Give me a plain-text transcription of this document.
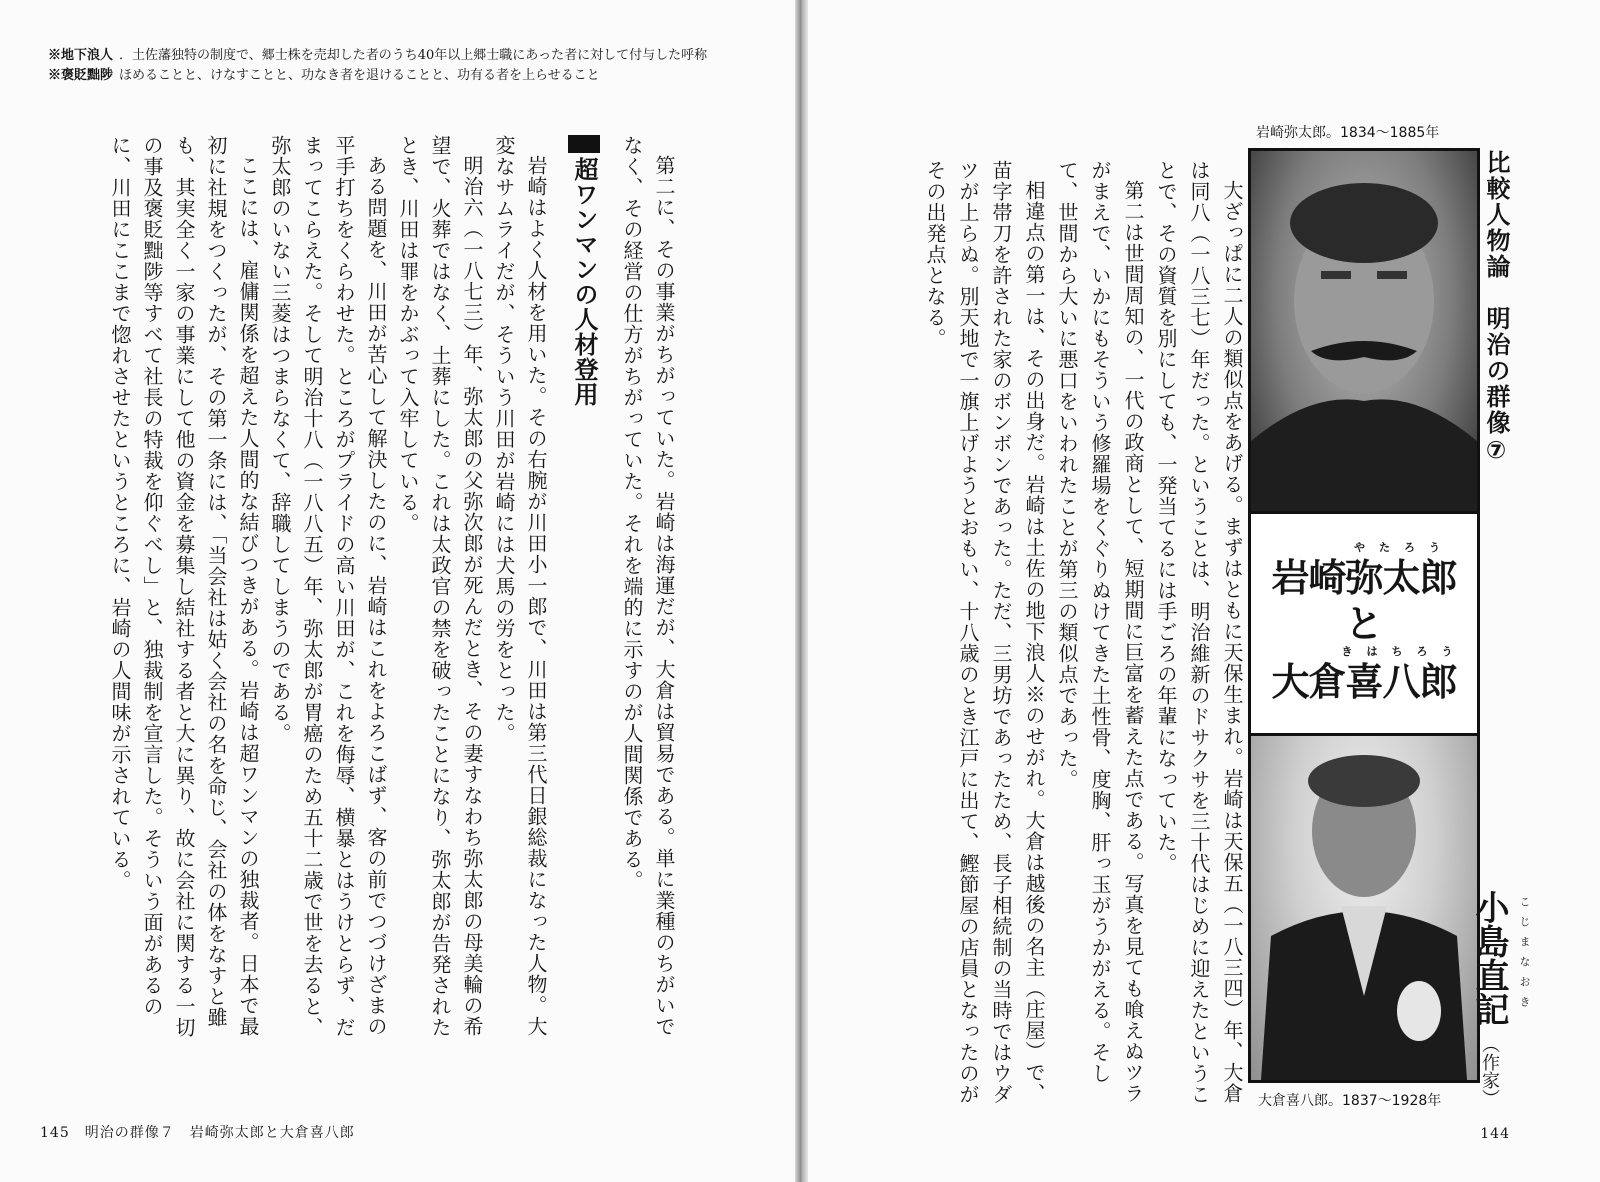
※地下浪人 ．土佐藩独特の制度で、郷士株を売却した者のうち40年以上郷士職にあった者に対して付与した呼称

※褒貶黜陟 ほめることと、けなすことと、功なき者を退けることと、功有る者を上らせること

第二に、その事業がちがっていた。岩崎は海運だが、大倉は貿易である。単に業種のちがいでなく、その経営の仕方がちがっていた。それを端的に示すのが人間関係である。

超ワンマンの人材登用

岩崎はよく人材を用いた。その右腕が川田小一郎で、川田は第三代日銀総裁になった人物。大変なサムライだが、そういう川田が岩崎には犬馬の労をとった。

明治六（一八七三）年、弥太郎の父弥次郎が死んだとき、その妻すなわち弥太郎の母美輪の希望で、火葬ではなく、土葬にした。これは太政官の禁を破ったことになり、弥太郎が告発されたとき、川田は罪をかぶって入牢している。

ある問題を、川田が苦心して解決したのに、岩崎はこれをよろこばず、客の前でつづけざまの平手打ちをくらわせた。ところがプライドの高い川田が、これを侮辱、横暴とはうけとらず、だまってこらえた。そして明治十八（一八八五）年、弥太郎が胃癌のため五十二歳で世を去ると、弥太郎のいない三菱はつまらなくて、辞職してしまうのである。

ここには、雇傭関係を超えた人間的な結びつきがある。岩崎は超ワンマンの独裁者。日本で最初に社規をつくったが、その第一条には、「当会社は姑く会社の名を命じ、会社の体をなすと雖も、其実全く一家の事業にして他の資金を募集し結社する者と大に異り、故に会社に関する一切の事及褒貶黜陟等すべて社長の特裁を仰ぐべし」と、独裁制を宣言した。そういう面があるのに、川田にここまで惚れさせたというところに、岩崎の人間味が示されている。

145　明治の群像７　岩崎弥太郎と大倉喜八郎
岩崎弥太郎。1834〜1885年
比較人物論　明治の群像⑦

大ざっぱに二人の類似点をあげる。まずはともに天保生まれ。岩崎は天保五（一八三四）年、大倉は同八（一八三七）年だった。ということは、明治維新のドサクサを三十代はじめに迎えたということで、その資質を別にしても、一発当てるには手ごろの年輩になっていた。

第二は世間周知の、一代の政商として、短期間に巨富を蓄えた点である。写真を見ても喰えぬツラがまえで、いかにもそういう修羅場をくぐりぬけてきた土性骨、度胸、肝っ玉がうかがえる。そして、世間から大いに悪口をいわれたことが第三の類似点であった。

相違点の第一は、その出身だ。岩崎は土佐の地下浪人※のせがれ。大倉は越後の名主（庄屋）で、苗字帯刀を許された家のボンボンであった。ただ、三男坊であったため、長子相続制の当時ではウダツが上らぬ。別天地で一旗上げようとおもい、十八歳のとき江戸に出て、鰹節屋の店員となったのがその出発点となる。

やたろう
岩崎弥太郎
と
きはちろう
大倉喜八郎
大倉喜八郎。1837〜1928年
小島直記 （作家）
こじまなおき
144
